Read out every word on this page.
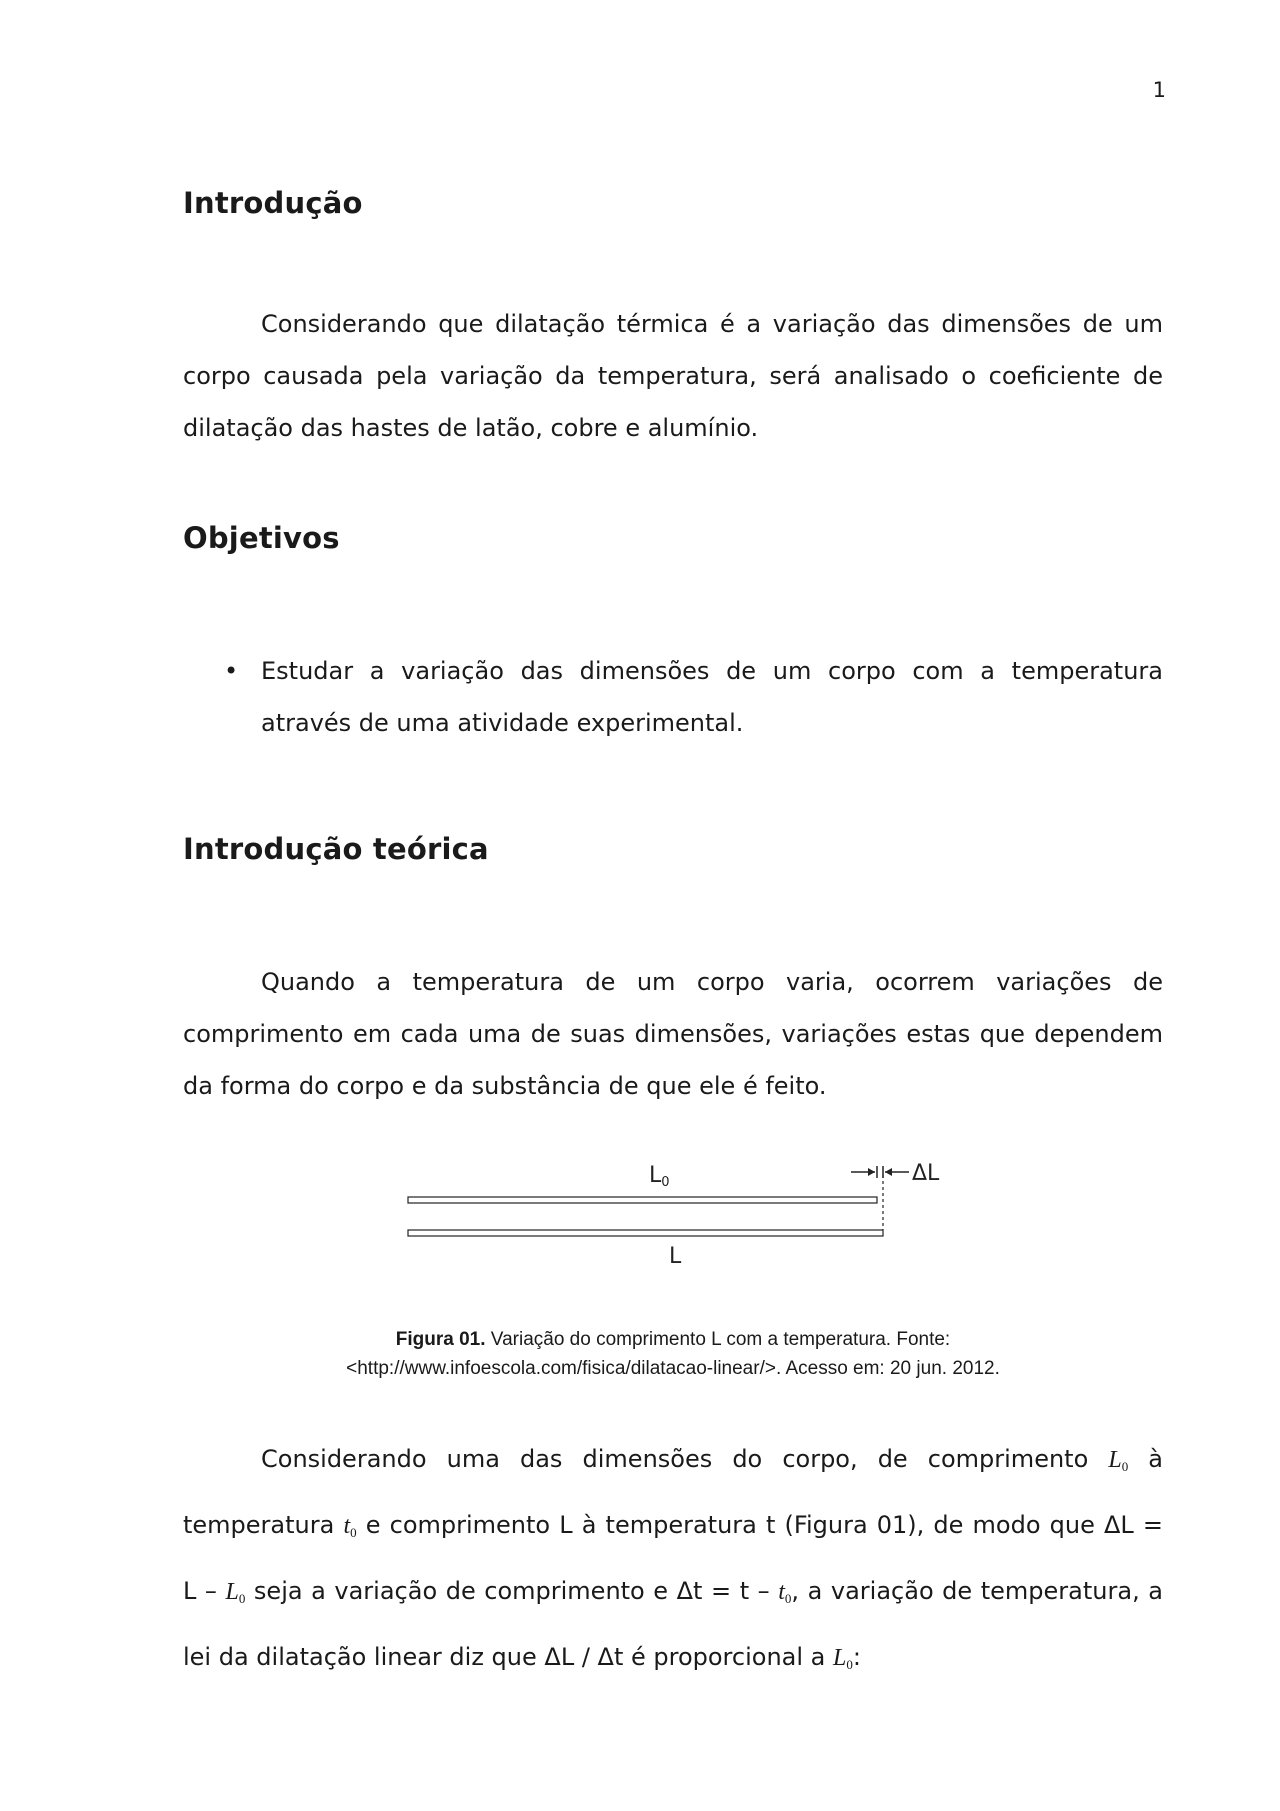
1
Introdução
Considerando que dilatação térmica é a variação das dimensões de um corpo causada pela variação da temperatura, será analisado o coeficiente de dilatação das hastes de latão, cobre e alumínio.
Objetivos
• Estudar a variação das dimensões de um corpo com a temperatura através de uma atividade experimental.
Introdução teórica
Quando a temperatura de um corpo varia, ocorrem variações de comprimento em cada uma de suas dimensões, variações estas que dependem da forma do corpo e da substância de que ele é feito.
L0	ΔL
L
Figura 01. Variação do comprimento L com a temperatura. Fonte:
<http://www.infoescola.com/fisica/dilatacao-linear/>. Acesso em: 20 jun. 2012.
Considerando uma das dimensões do corpo, de comprimento $L_0$ à temperatura $t_0$ e comprimento L à temperatura t (Figura 01), de modo que $\Delta L = L - L_0$ seja a variação de comprimento e $\Delta t = t - t_0$, a variação de temperatura, a lei da dilatação linear diz que ΔL / Δt é proporcional a $L_0$:
